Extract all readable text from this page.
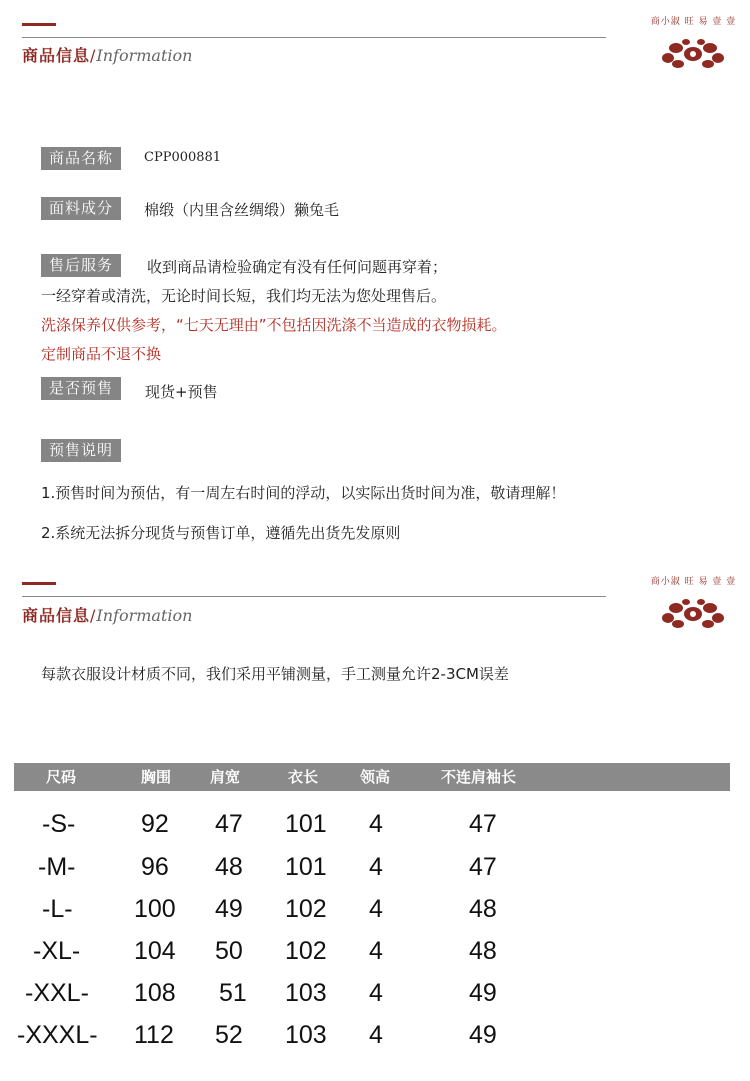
商品信息/Information
商小淑 旺 易 壹 壹
商品名称	CPP000881
面料成分	棉缎（内里含丝绸缎）獭兔毛
售后服务	收到商品请检验确定有没有任何问题再穿着；
一经穿着或清洗，无论时间长短，我们均无法为您处理售后。
洗涤保养仅供参考，“七天无理由”不包括因洗涤不当造成的衣物损耗。
定制商品不退不换
是否预售	现货+预售
预售说明
1.预售时间为预估，有一周左右时间的浮动，以实际出货时间为准，敬请理解！
2.系统无法拆分现货与预售订单，遵循先出货先发原则
商品信息/Information
商小淑 旺 易 壹 壹
每款衣服设计材质不同，我们采用平铺测量，手工测量允许2-3CM误差
尺码	胸围	肩宽	衣长	领高	不连肩袖长
-S-	92 47 101 4	47
-M-	96 48 101 4	47
-L- 100 49 102 4	48
-XL- 104 50 102 4	48
-XXL- 108 51 103 4	49
-XXXL- 112 52 103 4	49
